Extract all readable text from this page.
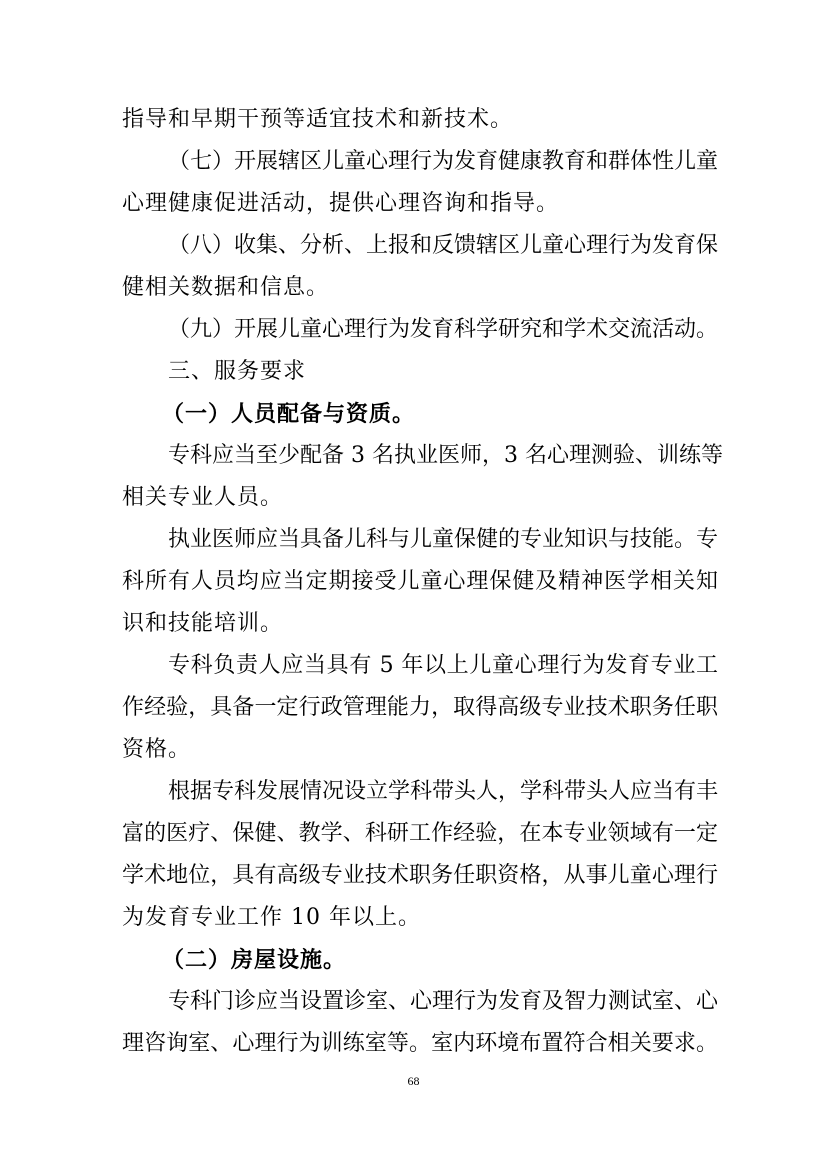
指导和早期干预等适宜技术和新技术。
（七）开展辖区儿童心理行为发育健康教育和群体性儿童
心理健康促进活动，提供心理咨询和指导。
（八）收集、分析、上报和反馈辖区儿童心理行为发育保
健相关数据和信息。
（九）开展儿童心理行为发育科学研究和学术交流活动。
三、服务要求
（一）人员配备与资质。
专科应当至少配备 3 名执业医师，3 名心理测验、训练等
相关专业人员。
执业医师应当具备儿科与儿童保健的专业知识与技能。专
科所有人员均应当定期接受儿童心理保健及精神医学相关知
识和技能培训。
专科负责人应当具有 5 年以上儿童心理行为发育专业工
作经验，具备一定行政管理能力，取得高级专业技术职务任职
资格。
根据专科发展情况设立学科带头人，学科带头人应当有丰
富的医疗、保健、教学、科研工作经验，在本专业领域有一定
学术地位，具有高级专业技术职务任职资格，从事儿童心理行
为发育专业工作 10 年以上。
（二）房屋设施。
专科门诊应当设置诊室、心理行为发育及智力测试室、心
理咨询室、心理行为训练室等。室内环境布置符合相关要求。
68
